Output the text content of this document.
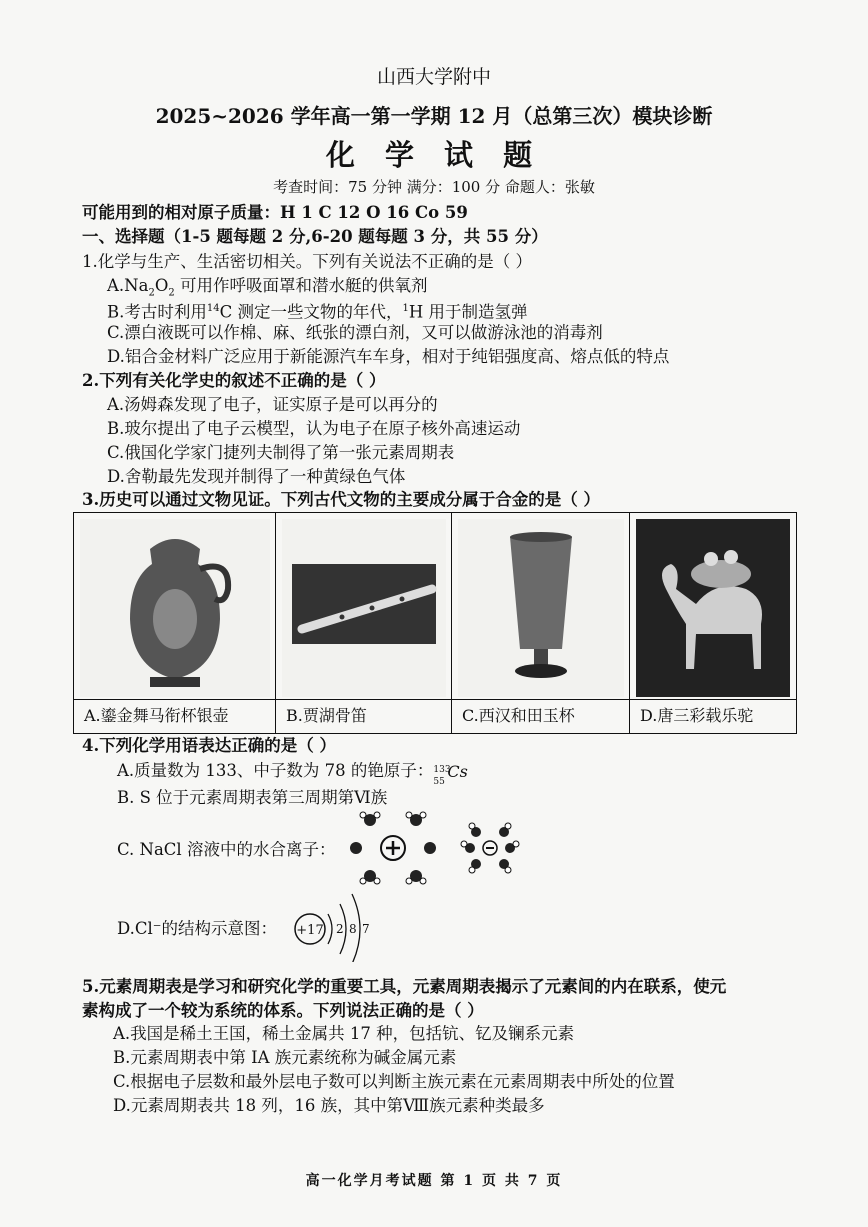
山西大学附中
2025~2026 学年高一第一学期 12 月（总第三次）模块诊断
化 学 试 题
考查时间：75 分钟 满分：100 分 命题人：张敏
可能用到的相对原子质量：H 1 C 12 O 16 Co 59
一、选择题（1-5 题每题 2 分,6-20 题每题 3 分，共 55 分）
1.化学与生产、生活密切相关。下列有关说法不正确的是（ ）
$A.Na_2O_2$ 可用作呼吸面罩和潜水艇的供氧剂
B.考古时利用$^{14}$C 测定一些文物的年代，$^1$H 用于制造氢弹
C.漂白液既可以作棉、麻、纸张的漂白剂，又可以做游泳池的消毒剂
D.铝合金材料广泛应用于新能源汽车车身，相对于纯铝强度高、熔点低的特点
2.下列有关化学史的叙述不正确的是（ ）
A.汤姆森发现了电子，证实原子是可以再分的
B.玻尔提出了电子云模型，认为电子在原子核外高速运动
C.俄国化学家门捷列夫制得了第一张元素周期表
D.舍勒最先发现并制得了一种黄绿色气体
3.历史可以通过文物见证。下列古代文物的主要成分属于合金的是（ ）
A.鎏金舞马衔杯银壶	B.贾湖骨笛	C.西汉和田玉杯	D.唐三彩载乐驼
4.下列化学用语表达正确的是（ ）
A.质量数为 133、中子数为 78 的铯原子： 133
55
Cs
B. S 位于元素周期表第三周期第Ⅵ族
C. NaCl 溶液中的水合离子：
D.Cl⁻的结构示意图： +17 2 8 7
5.元素周期表是学习和研究化学的重要工具，元素周期表揭示了元素间的内在联系，使元
素构成了一个较为系统的体系。下列说法正确的是（ ）
A.我国是稀土王国，稀土金属共 17 种，包括钪、钇及镧系元素
B.元素周期表中第 IA 族元素统称为碱金属元素
C.根据电子层数和最外层电子数可以判断主族元素在元素周期表中所处的位置
D.元素周期表共 18 列，16 族，其中第Ⅷ族元素种类最多
高一化学月考试题 第 1 页 共 7 页
